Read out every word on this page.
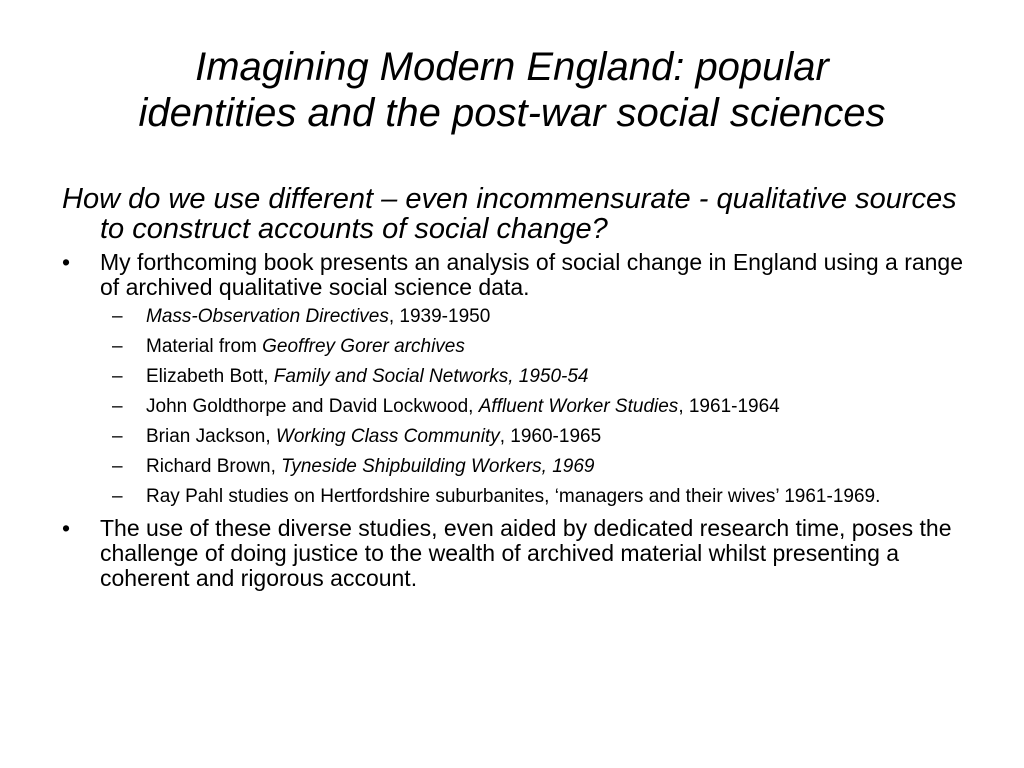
Imagining Modern England: popular
identities and the post-war social sciences

How do we use different – even incommensurate - qualitative sources to construct accounts of social change?

• My forthcoming book presents an analysis of social change in England using a range of archived qualitative social science data.
– Mass-Observation Directives, 1939-1950
– Material from Geoffrey Gorer archives
– Elizabeth Bott, Family and Social Networks, 1950-54
– John Goldthorpe and David Lockwood, Affluent Worker Studies, 1961-1964
– Brian Jackson, Working Class Community, 1960-1965
– Richard Brown, Tyneside Shipbuilding Workers, 1969
– Ray Pahl studies on Hertfordshire suburbanites, ‘managers and their wives’ 1961-1969.
• The use of these diverse studies, even aided by dedicated research time, poses the challenge of doing justice to the wealth of archived material whilst presenting a coherent and rigorous account.
